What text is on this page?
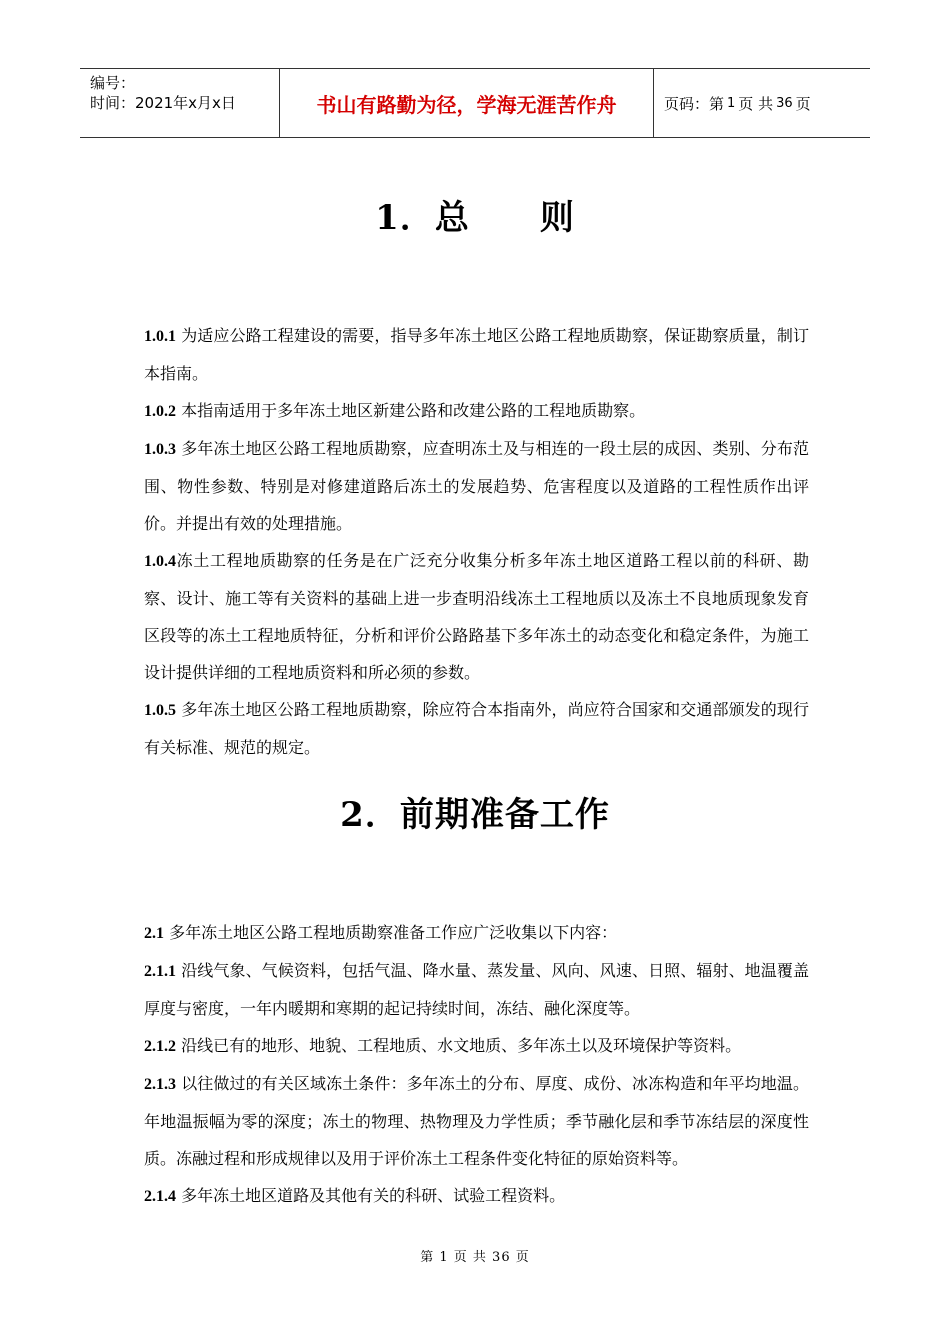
编号：
时间：2021年x月x日	书山有路勤为径，学海无涯苦作舟	页码：第 1 页 共 36 页
1．总　　则

1.0.1 为适应公路工程建设的需要，指导多年冻土地区公路工程地质勘察，保证勘察质量，制订本指南。

1.0.2 本指南适用于多年冻土地区新建公路和改建公路的工程地质勘察。

1.0.3 多年冻土地区公路工程地质勘察，应查明冻土及与相连的一段土层的成因、类别、分布范围、物性参数、特别是对修建道路后冻土的发展趋势、危害程度以及道路的工程性质作出评价。并提出有效的处理措施。

1.0.4冻土工程地质勘察的任务是在广泛充分收集分析多年冻土地区道路工程以前的科研、勘察、设计、施工等有关资料的基础上进一步查明沿线冻土工程地质以及冻土不良地质现象发育区段等的冻土工程地质特征，分析和评价公路路基下多年冻土的动态变化和稳定条件，为施工设计提供详细的工程地质资料和所必须的参数。

1.0.5 多年冻土地区公路工程地质勘察，除应符合本指南外，尚应符合国家和交通部颁发的现行有关标准、规范的规定。

2．前期准备工作

2.1 多年冻土地区公路工程地质勘察准备工作应广泛收集以下内容：

2.1.1 沿线气象、气候资料，包括气温、降水量、蒸发量、风向、风速、日照、辐射、地温覆盖厚度与密度，一年内暖期和寒期的起记持续时间，冻结、融化深度等。

2.1.2 沿线已有的地形、地貌、工程地质、水文地质、多年冻土以及环境保护等资料。

2.1.3 以往做过的有关区域冻土条件：多年冻土的分布、厚度、成份、冰冻构造和年平均地温。年地温振幅为零的深度；冻土的物理、热物理及力学性质；季节融化层和季节冻结层的深度性质。冻融过程和形成规律以及用于评价冻土工程条件变化特征的原始资料等。

2.1.4 多年冻土地区道路及其他有关的科研、试验工程资料。

第 1 页 共 36 页
